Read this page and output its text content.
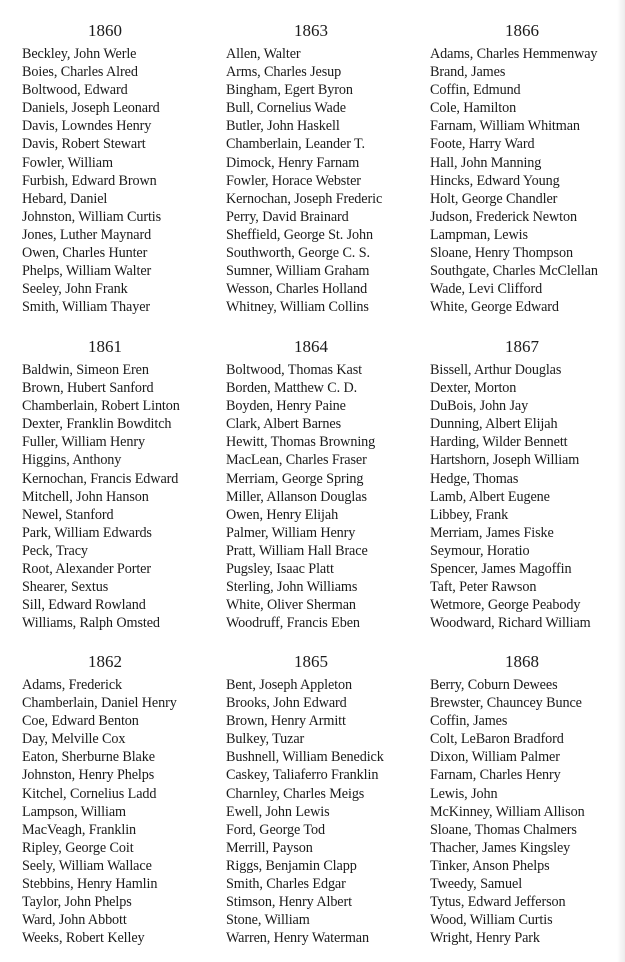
1860
Beckley, John Werle
Boies, Charles Alred
Boltwood, Edward
Daniels, Joseph Leonard
Davis, Lowndes Henry
Davis, Robert Stewart
Fowler, William
Furbish, Edward Brown
Hebard, Daniel
Johnston, William Curtis
Jones, Luther Maynard
Owen, Charles Hunter
Phelps, William Walter
Seeley, John Frank
Smith, William Thayer
1863
Allen, Walter
Arms, Charles Jesup
Bingham, Egert Byron
Bull, Cornelius Wade
Butler, John Haskell
Chamberlain, Leander T.
Dimock, Henry Farnam
Fowler, Horace Webster
Kernochan, Joseph Frederic
Perry, David Brainard
Sheffield, George St. John
Southworth, George C. S.
Sumner, William Graham
Wesson, Charles Holland
Whitney, William Collins
1866
Adams, Charles Hemmenway
Brand, James
Coffin, Edmund
Cole, Hamilton
Farnam, William Whitman
Foote, Harry Ward
Hall, John Manning
Hincks, Edward Young
Holt, George Chandler
Judson, Frederick Newton
Lampman, Lewis
Sloane, Henry Thompson
Southgate, Charles McClellan
Wade, Levi Clifford
White, George Edward
1861
Baldwin, Simeon Eren
Brown, Hubert Sanford
Chamberlain, Robert Linton
Dexter, Franklin Bowditch
Fuller, William Henry
Higgins, Anthony
Kernochan, Francis Edward
Mitchell, John Hanson
Newel, Stanford
Park, William Edwards
Peck, Tracy
Root, Alexander Porter
Shearer, Sextus
Sill, Edward Rowland
Williams, Ralph Omsted
1864
Boltwood, Thomas Kast
Borden, Matthew C. D.
Boyden, Henry Paine
Clark, Albert Barnes
Hewitt, Thomas Browning
MacLean, Charles Fraser
Merriam, George Spring
Miller, Allanson Douglas
Owen, Henry Elijah
Palmer, William Henry
Pratt, William Hall Brace
Pugsley, Isaac Platt
Sterling, John Williams
White, Oliver Sherman
Woodruff, Francis Eben
1867
Bissell, Arthur Douglas
Dexter, Morton
DuBois, John Jay
Dunning, Albert Elijah
Harding, Wilder Bennett
Hartshorn, Joseph William
Hedge, Thomas
Lamb, Albert Eugene
Libbey, Frank
Merriam, James Fiske
Seymour, Horatio
Spencer, James Magoffin
Taft, Peter Rawson
Wetmore, George Peabody
Woodward, Richard William
1862
Adams, Frederick
Chamberlain, Daniel Henry
Coe, Edward Benton
Day, Melville Cox
Eaton, Sherburne Blake
Johnston, Henry Phelps
Kitchel, Cornelius Ladd
Lampson, William
MacVeagh, Franklin
Ripley, George Coit
Seely, William Wallace
Stebbins, Henry Hamlin
Taylor, John Phelps
Ward, John Abbott
Weeks, Robert Kelley
1865
Bent, Joseph Appleton
Brooks, John Edward
Brown, Henry Armitt
Bulkey, Tuzar
Bushnell, William Benedick
Caskey, Taliaferro Franklin
Charnley, Charles Meigs
Ewell, John Lewis
Ford, George Tod
Merrill, Payson
Riggs, Benjamin Clapp
Smith, Charles Edgar
Stimson, Henry Albert
Stone, William
Warren, Henry Waterman
1868
Berry, Coburn Dewees
Brewster, Chauncey Bunce
Coffin, James
Colt, LeBaron Bradford
Dixon, William Palmer
Farnam, Charles Henry
Lewis, John
McKinney, William Allison
Sloane, Thomas Chalmers
Thacher, James Kingsley
Tinker, Anson Phelps
Tweedy, Samuel
Tytus, Edward Jefferson
Wood, William Curtis
Wright, Henry Park
